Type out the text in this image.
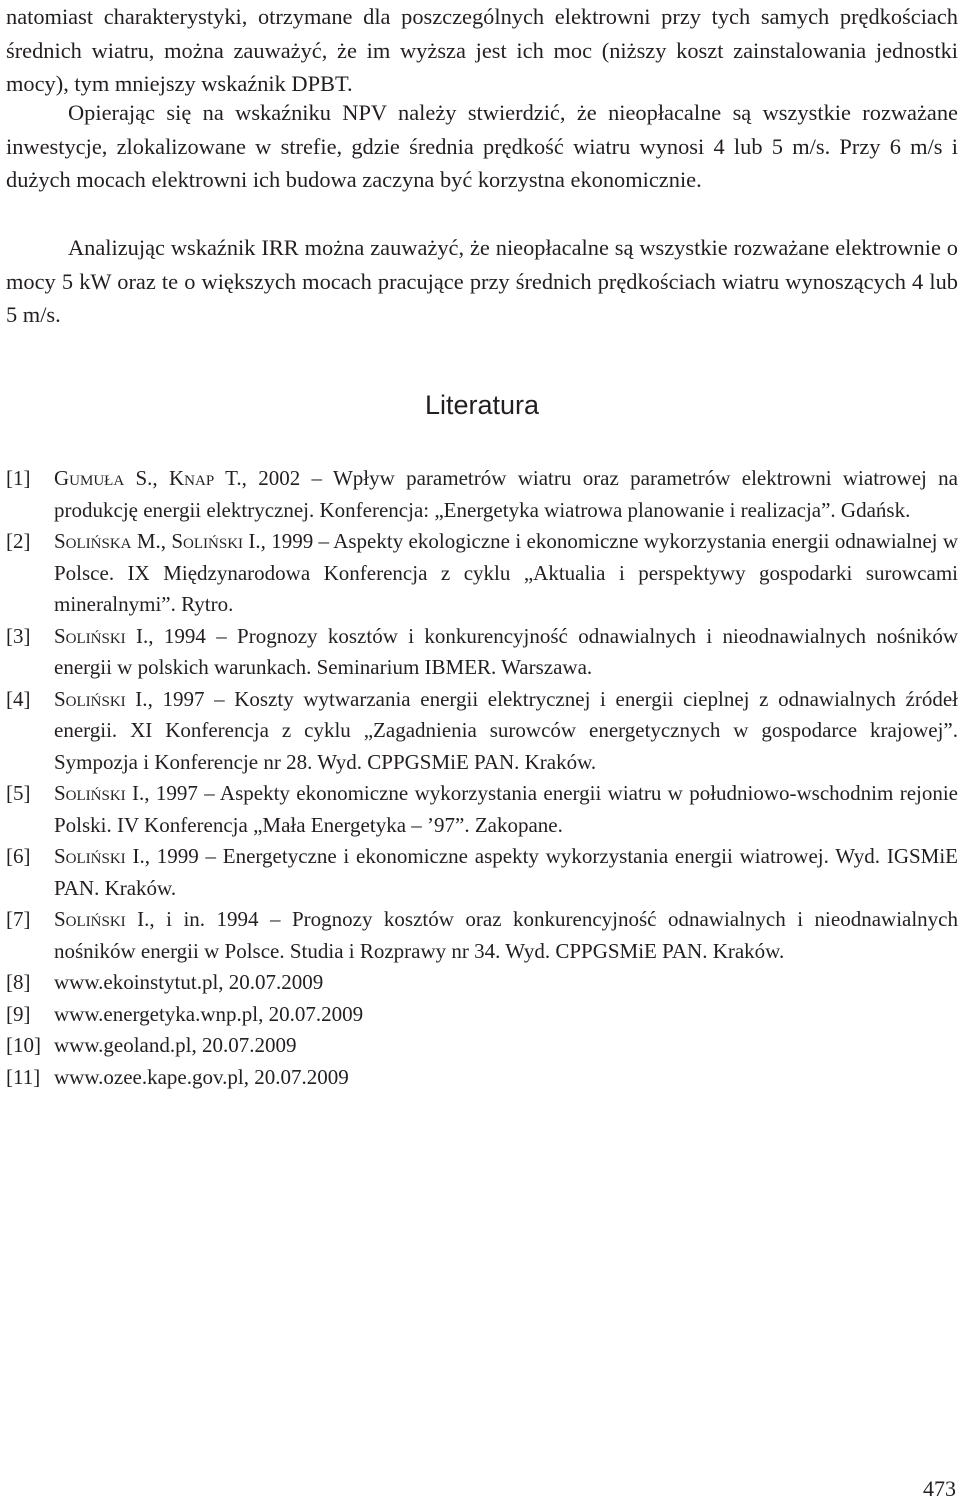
natomiast charakterystyki, otrzymane dla poszczególnych elektrowni przy tych samych prędkościach średnich wiatru, można zauważyć, że im wyższa jest ich moc (niższy koszt zainstalowania jednostki mocy), tym mniejszy wskaźnik DPBT.

Opierając się na wskaźniku NPV należy stwierdzić, że nieopłacalne są wszystkie rozważane inwestycje, zlokalizowane w strefie, gdzie średnia prędkość wiatru wynosi 4 lub 5 m/s. Przy 6 m/s i dużych mocach elektrowni ich budowa zaczyna być korzystna ekonomicznie.

Analizując wskaźnik IRR można zauważyć, że nieopłacalne są wszystkie rozważane elektrownie o mocy 5 kW oraz te o większych mocach pracujące przy średnich prędkościach wiatru wynoszących 4 lub 5 m/s.

Literatura
[1]	Gumuła S., Knap T., 2002 – Wpływ parametrów wiatru oraz parametrów elektrowni wiatrowej na produkcję energii elektrycznej. Konferencja: „Energetyka wiatrowa planowanie i realizacja”. Gdańsk.
[2]	Solińska M., Soliński I., 1999 – Aspekty ekologiczne i ekonomiczne wykorzystania energii odnawialnej w Polsce. IX Międzynarodowa Konferencja z cyklu „Aktualia i perspektywy gospodarki surowcami mineralnymi”. Rytro.
[3]	Soliński I., 1994 – Prognozy kosztów i konkurencyjność odnawialnych i nieodnawialnych nośników energii w polskich warunkach. Seminarium IBMER. Warszawa.
[4]	Soliński I., 1997 – Koszty wytwarzania energii elektrycznej i energii cieplnej z odnawialnych źródeł energii. XI Konferencja z cyklu „Zagadnienia surowców energetycznych w gospodarce krajowej”. Sympozja i Konferencje nr 28. Wyd. CPPGSMiE PAN. Kraków.
[5]	Soliński I., 1997 – Aspekty ekonomiczne wykorzystania energii wiatru w południowo-wschodnim rejonie Polski. IV Konferencja „Mała Energetyka – ’97”. Zakopane.
[6]	Soliński I., 1999 – Energetyczne i ekonomiczne aspekty wykorzystania energii wiatrowej. Wyd. IGSMiE PAN. Kraków.
[7]	Soliński I., i in. 1994 – Prognozy kosztów oraz konkurencyjność odnawialnych i nieodnawialnych nośników energii w Polsce. Studia i Rozprawy nr 34. Wyd. CPPGSMiE PAN. Kraków.
[8]	www.ekoinstytut.pl, 20.07.2009
[9]	www.energetyka.wnp.pl, 20.07.2009
[10] www.geoland.pl, 20.07.2009
[11] www.ozee.kape.gov.pl, 20.07.2009
473
